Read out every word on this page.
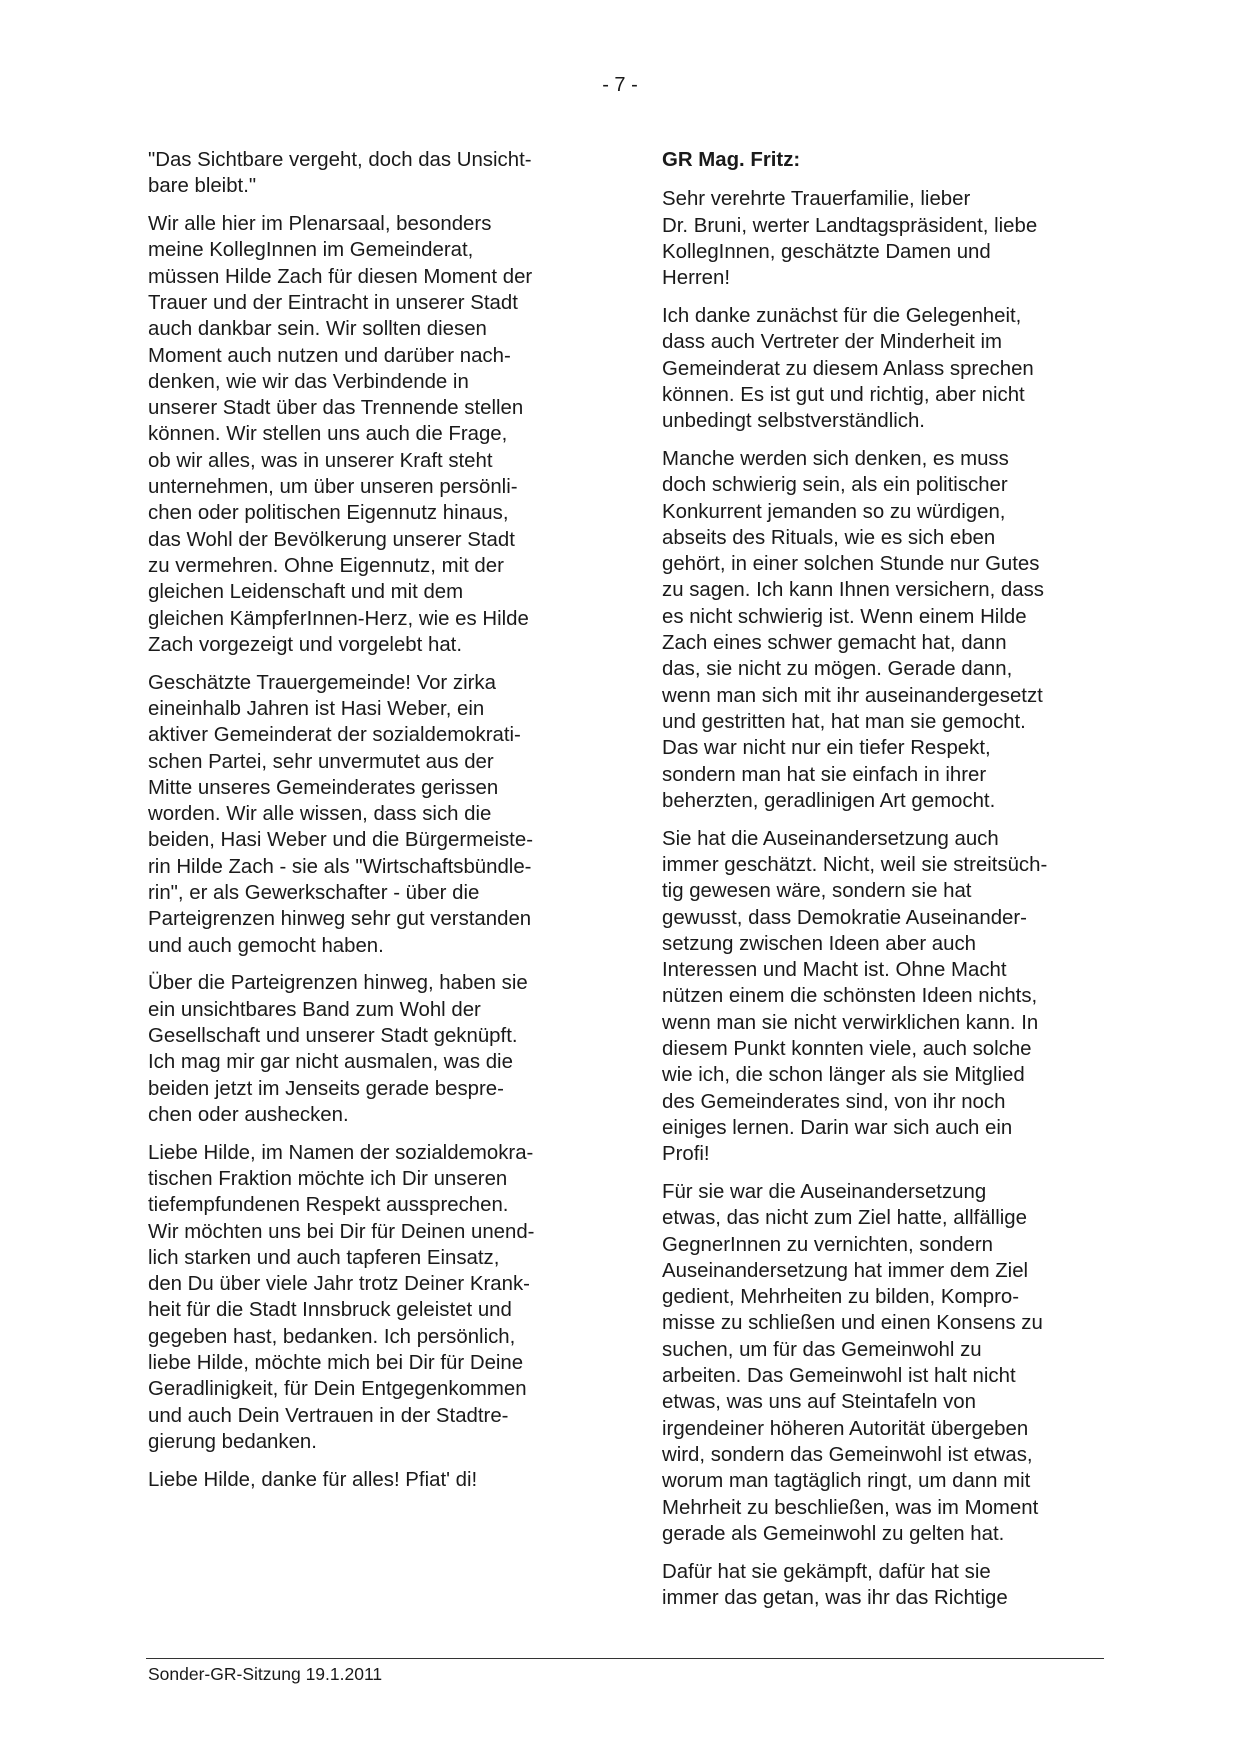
- 7 -

"Das Sichtbare vergeht, doch das Unsicht-
bare bleibt."

Wir alle hier im Plenarsaal, besonders
meine KollegInnen im Gemeinderat,
müssen Hilde Zach für diesen Moment der
Trauer und der Eintracht in unserer Stadt
auch dankbar sein. Wir sollten diesen
Moment auch nutzen und darüber nach-
denken, wie wir das Verbindende in
unserer Stadt über das Trennende stellen
können. Wir stellen uns auch die Frage,
ob wir alles, was in unserer Kraft steht
unternehmen, um über unseren persönli-
chen oder politischen Eigennutz hinaus,
das Wohl der Bevölkerung unserer Stadt
zu vermehren. Ohne Eigennutz, mit der
gleichen Leidenschaft und mit dem
gleichen KämpferInnen-Herz, wie es Hilde
Zach vorgezeigt und vorgelebt hat.

Geschätzte Trauergemeinde! Vor zirka
eineinhalb Jahren ist Hasi Weber, ein
aktiver Gemeinderat der sozialdemokrati-
schen Partei, sehr unvermutet aus der
Mitte unseres Gemeinderates gerissen
worden. Wir alle wissen, dass sich die
beiden, Hasi Weber und die Bürgermeiste-
rin Hilde Zach - sie als "Wirtschaftsbündle-
rin", er als Gewerkschafter - über die
Parteigrenzen hinweg sehr gut verstanden
und auch gemocht haben.

Über die Parteigrenzen hinweg, haben sie
ein unsichtbares Band zum Wohl der
Gesellschaft und unserer Stadt geknüpft.
Ich mag mir gar nicht ausmalen, was die
beiden jetzt im Jenseits gerade bespre-
chen oder aushecken.

Liebe Hilde, im Namen der sozialdemokra-
tischen Fraktion möchte ich Dir unseren
tiefempfundenen Respekt aussprechen.
Wir möchten uns bei Dir für Deinen unend-
lich starken und auch tapferen Einsatz,
den Du über viele Jahr trotz Deiner Krank-
heit für die Stadt Innsbruck geleistet und
gegeben hast, bedanken. Ich persönlich,
liebe Hilde, möchte mich bei Dir für Deine
Geradlinigkeit, für Dein Entgegenkommen
und auch Dein Vertrauen in der Stadtre-
gierung bedanken.

Liebe Hilde, danke für alles! Pfiat' di!

GR Mag. Fritz:

Sehr verehrte Trauerfamilie, lieber
Dr. Bruni, werter Landtagspräsident, liebe
KollegInnen, geschätzte Damen und
Herren!

Ich danke zunächst für die Gelegenheit,
dass auch Vertreter der Minderheit im
Gemeinderat zu diesem Anlass sprechen
können. Es ist gut und richtig, aber nicht
unbedingt selbstverständlich.

Manche werden sich denken, es muss
doch schwierig sein, als ein politischer
Konkurrent jemanden so zu würdigen,
abseits des Rituals, wie es sich eben
gehört, in einer solchen Stunde nur Gutes
zu sagen. Ich kann Ihnen versichern, dass
es nicht schwierig ist. Wenn einem Hilde
Zach eines schwer gemacht hat, dann
das, sie nicht zu mögen. Gerade dann,
wenn man sich mit ihr auseinandergesetzt
und gestritten hat, hat man sie gemocht.
Das war nicht nur ein tiefer Respekt,
sondern man hat sie einfach in ihrer
beherzten, geradlinigen Art gemocht.

Sie hat die Auseinandersetzung auch
immer geschätzt. Nicht, weil sie streitsüch-
tig gewesen wäre, sondern sie hat
gewusst, dass Demokratie Auseinander-
setzung zwischen Ideen aber auch
Interessen und Macht ist. Ohne Macht
nützen einem die schönsten Ideen nichts,
wenn man sie nicht verwirklichen kann. In
diesem Punkt konnten viele, auch solche
wie ich, die schon länger als sie Mitglied
des Gemeinderates sind, von ihr noch
einiges lernen. Darin war sich auch ein
Profi!

Für sie war die Auseinandersetzung
etwas, das nicht zum Ziel hatte, allfällige
GegnerInnen zu vernichten, sondern
Auseinandersetzung hat immer dem Ziel
gedient, Mehrheiten zu bilden, Kompro-
misse zu schließen und einen Konsens zu
suchen, um für das Gemeinwohl zu
arbeiten. Das Gemeinwohl ist halt nicht
etwas, was uns auf Steintafeln von
irgendeiner höheren Autorität übergeben
wird, sondern das Gemeinwohl ist etwas,
worum man tagtäglich ringt, um dann mit
Mehrheit zu beschließen, was im Moment
gerade als Gemeinwohl zu gelten hat.

Dafür hat sie gekämpft, dafür hat sie
immer das getan, was ihr das Richtige

Sonder-GR-Sitzung 19.1.2011
